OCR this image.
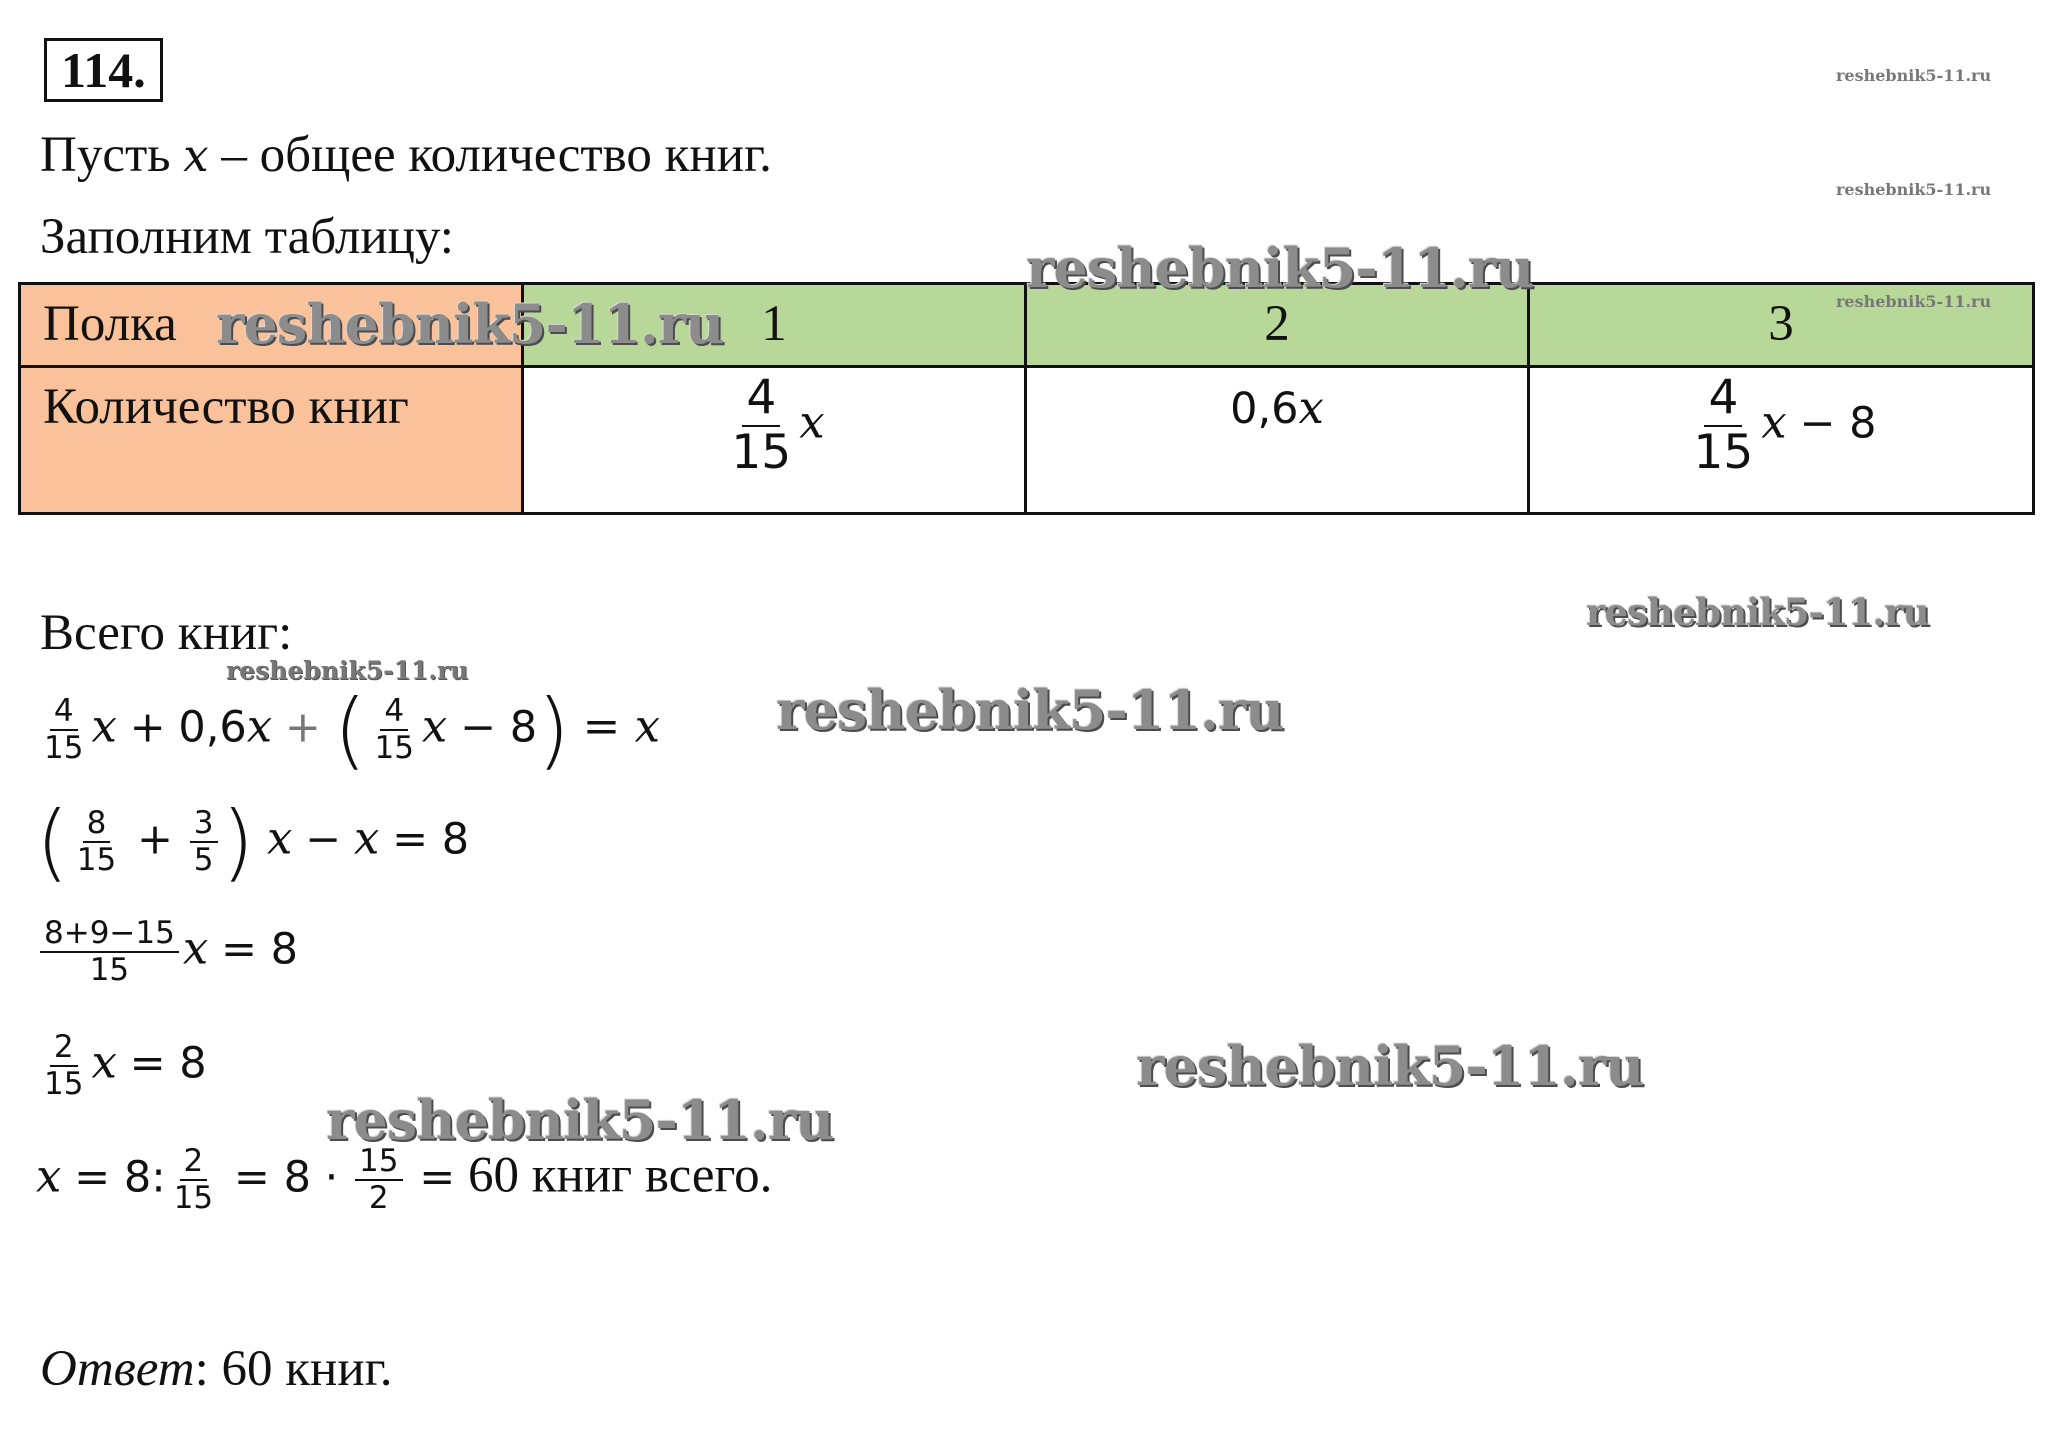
114.
Пусть x – общее количество книг.
Заполним таблицу:
Полка	1	2	3
Количество книг	$\frac{4}{15}$ x	0,6x	$\frac{4}{15}$ x − 8
Всего книг:
$\frac{4}{15}$ x + 0,6x + ( $\frac{4}{15}$ x − 8) = x
( $\frac{8}{15} + \frac{3}{5}$ ) x − x = 8
$\frac{8+9-15}{15}$ x = 8
$\frac{2}{15}$ x = 8
x = 8: $\frac{2}{15} = 8 \cdot \frac{15}{2} = 60$ книг всего.
Ответ: 60 книг.
reshebnik5-11.ru
reshebnik5-11.ru
reshebnik5-11.ru
reshebnik5-11.ru
reshebnik5-11.ru
reshebnik5-11.ru
reshebnik5-11.ru
reshebnik5-11.ru
reshebnik5-11.ru
reshebnik5-11.ru
